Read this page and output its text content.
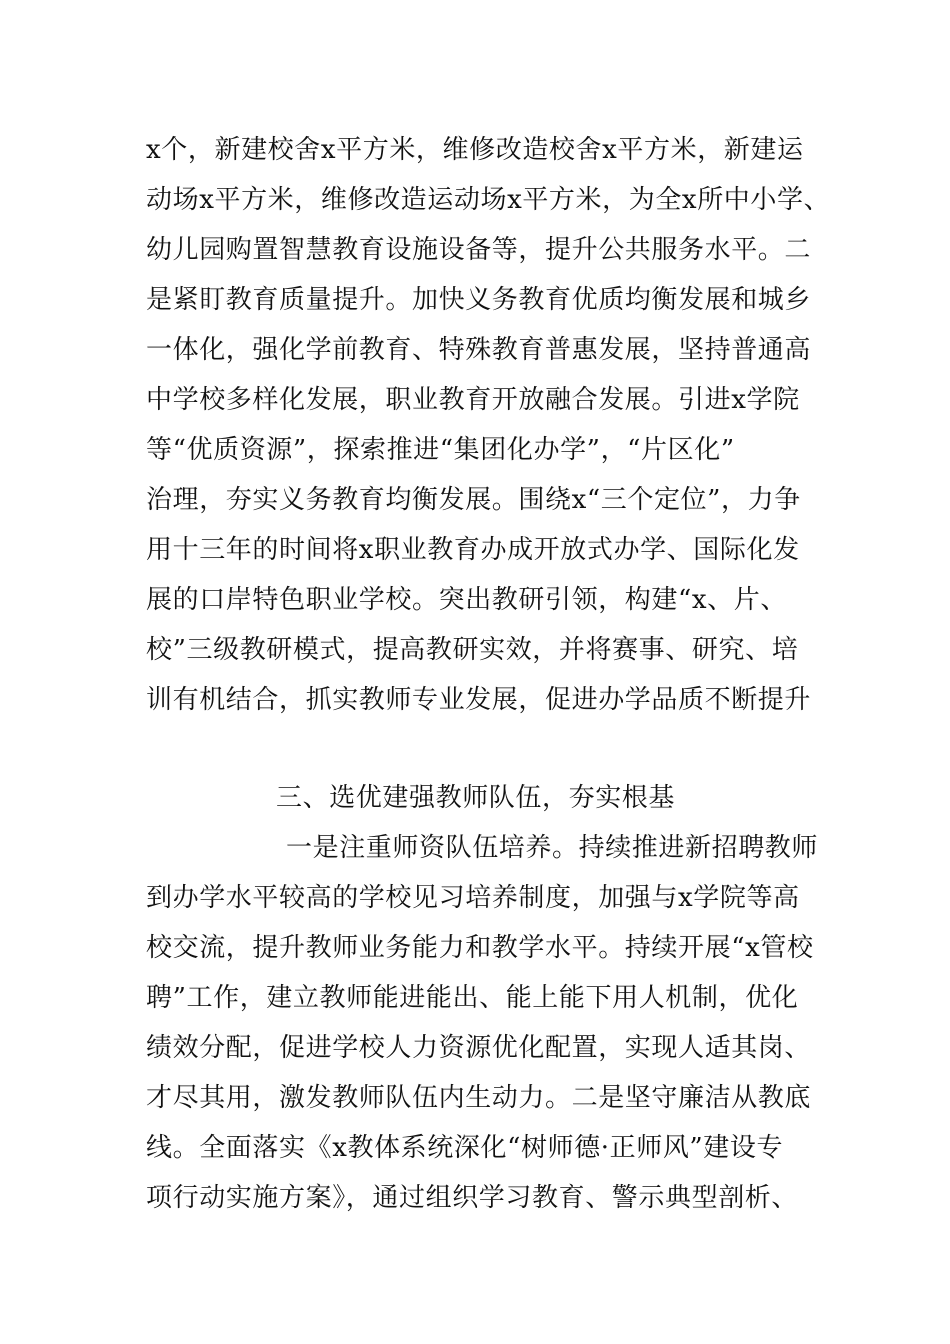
x个，新建校舍x平方米，维修改造校舍x平方米，新建运
动场x平方米，维修改造运动场x平方米，为全x所中小学、
幼儿园购置智慧教育设施设备等，提升公共服务水平。二
是紧盯教育质量提升。加快义务教育优质均衡发展和城乡
一体化，强化学前教育、特殊教育普惠发展，坚持普通高
中学校多样化发展，职业教育开放融合发展。引进x学院
等“优质资源”，探索推进“集团化办学”，“片区化”
治理，夯实义务教育均衡发展。围绕x“三个定位”，力争
用十三年的时间将x职业教育办成开放式办学、国际化发
展的口岸特色职业学校。突出教研引领，构建“x、片、
校”三级教研模式，提高教研实效，并将赛事、研究、培
训有机结合，抓实教师专业发展，促进办学品质不断提升
三、选优建强教师队伍，夯实根基
一是注重师资队伍培养。持续推进新招聘教师
到办学水平较高的学校见习培养制度，加强与x学院等高
校交流，提升教师业务能力和教学水平。持续开展“x管校
聘”工作，建立教师能进能出、能上能下用人机制，优化
绩效分配，促进学校人力资源优化配置，实现人适其岗、
才尽其用，激发教师队伍内生动力。二是坚守廉洁从教底
线。全面落实《x教体系统深化“树师德·正师风”建设专
项行动实施方案》，通过组织学习教育、警示典型剖析、
